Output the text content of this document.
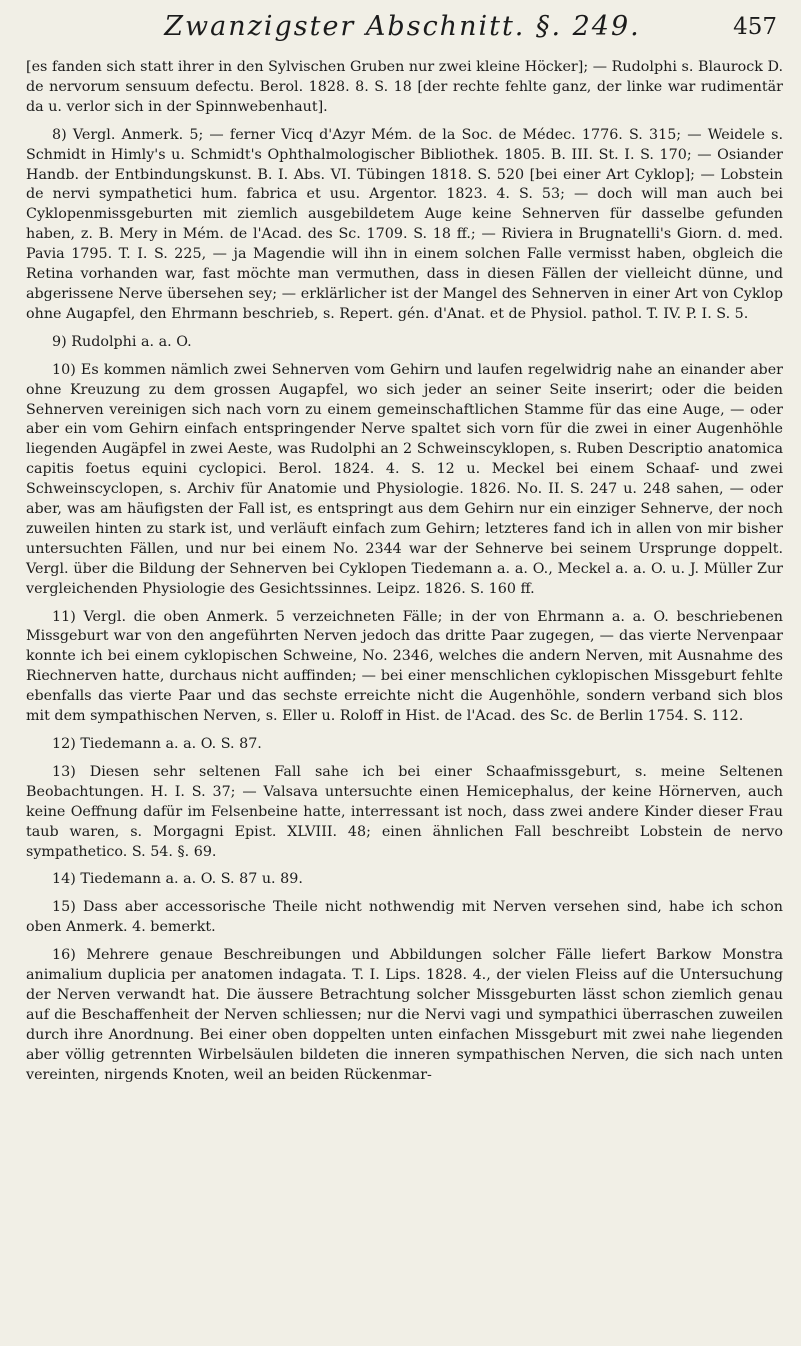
Zwanzigster Abschnitt. §. 249.	457

[es fanden sich statt ihrer in den Sylvischen Gruben nur zwei kleine Höcker]; — Rudolphi s. Blaurock D. de nervorum sensuum defectu. Berol. 1828. 8. S. 18 [der rechte fehlte ganz, der linke war rudimentär da u. verlor sich in der Spinnwebenhaut].

8) Vergl. Anmerk. 5; — ferner Vicq d'Azyr Mém. de la Soc. de Médec. 1776. S. 315; — Weidele s. Schmidt in Himly's u. Schmidt's Ophthalmologischer Bibliothek. 1805. B. III. St. I. S. 170; — Osiander Handb. der Entbindungskunst. B. I. Abs. VI. Tübingen 1818. S. 520 [bei einer Art Cyklop]; — Lobstein de nervi sympathetici hum. fabrica et usu. Argentor. 1823. 4. S. 53; — doch will man auch bei Cyklopenmissgeburten mit ziemlich ausgebildetem Auge keine Sehnerven für dasselbe gefunden haben, z. B. Mery in Mém. de l'Acad. des Sc. 1709. S. 18 ff.; — Riviera in Brugnatelli's Giorn. d. med. Pavia 1795. T. I. S. 225, — ja Magendie will ihn in einem solchen Falle vermisst haben, obgleich die Retina vorhanden war, fast möchte man vermuthen, dass in diesen Fällen der vielleicht dünne, und abgerissene Nerve übersehen sey; — erklärlicher ist der Mangel des Sehnerven in einer Art von Cyklop ohne Augapfel, den Ehrmann beschrieb, s. Repert. gén. d'Anat. et de Physiol. pathol. T. IV. P. I. S. 5.

9) Rudolphi a. a. O.

10) Es kommen nämlich zwei Sehnerven vom Gehirn und laufen regelwidrig nahe an einander aber ohne Kreuzung zu dem grossen Augapfel, wo sich jeder an seiner Seite inserirt; oder die beiden Sehnerven vereinigen sich nach vorn zu einem gemeinschaftlichen Stamme für das eine Auge, — oder aber ein vom Gehirn einfach entspringender Nerve spaltet sich vorn für die zwei in einer Augenhöhle liegenden Augäpfel in zwei Aeste, was Rudolphi an 2 Schweinscyklopen, s. Ruben Descriptio anatomica capitis foetus equini cyclopici. Berol. 1824. 4. S. 12 u. Meckel bei einem Schaaf- und zwei Schweinscyclopen, s. Archiv für Anatomie und Physiologie. 1826. No. II. S. 247 u. 248 sahen, — oder aber, was am häufigsten der Fall ist, es entspringt aus dem Gehirn nur ein einziger Sehnerve, der noch zuweilen hinten zu stark ist, und verläuft einfach zum Gehirn; letzteres fand ich in allen von mir bisher untersuchten Fällen, und nur bei einem No. 2344 war der Sehnerve bei seinem Ursprunge doppelt. Vergl. über die Bildung der Sehnerven bei Cyklopen Tiedemann a. a. O., Meckel a. a. O. u. J. Müller Zur vergleichenden Physiologie des Gesichtssinnes. Leipz. 1826. S. 160 ff.

11) Vergl. die oben Anmerk. 5 verzeichneten Fälle; in der von Ehrmann a. a. O. beschriebenen Missgeburt war von den angeführten Nerven jedoch das dritte Paar zugegen, — das vierte Nervenpaar konnte ich bei einem cyklopischen Schweine, No. 2346, welches die andern Nerven, mit Ausnahme des Riechnerven hatte, durchaus nicht auffinden; — bei einer menschlichen cyklopischen Missgeburt fehlte ebenfalls das vierte Paar und das sechste erreichte nicht die Augenhöhle, sondern verband sich blos mit dem sympathischen Nerven, s. Eller u. Roloff in Hist. de l'Acad. des Sc. de Berlin 1754. S. 112.

12) Tiedemann a. a. O. S. 87.

13) Diesen sehr seltenen Fall sahe ich bei einer Schaafmissgeburt, s. meine Seltenen Beobachtungen. H. I. S. 37; — Valsava untersuchte einen Hemicephalus, der keine Hörnerven, auch keine Oeffnung dafür im Felsenbeine hatte, interressant ist noch, dass zwei andere Kinder dieser Frau taub waren, s. Morgagni Epist. XLVIII. 48; einen ähnlichen Fall beschreibt Lobstein de nervo sympathetico. S. 54. §. 69.

14) Tiedemann a. a. O. S. 87 u. 89.

15) Dass aber accessorische Theile nicht nothwendig mit Nerven versehen sind, habe ich schon oben Anmerk. 4. bemerkt.

16) Mehrere genaue Beschreibungen und Abbildungen solcher Fälle liefert Barkow Monstra animalium duplicia per anatomen indagata. T. I. Lips. 1828. 4., der vielen Fleiss auf die Untersuchung der Nerven verwandt hat. Die äussere Betrachtung solcher Missgeburten lässt schon ziemlich genau auf die Beschaffenheit der Nerven schliessen; nur die Nervi vagi und sympathici überraschen zuweilen durch ihre Anordnung. Bei einer oben doppelten unten einfachen Missgeburt mit zwei nahe liegenden aber völlig getrennten Wirbelsäulen bildeten die inneren sympathischen Nerven, die sich nach unten vereinten, nirgends Knoten, weil an beiden Rückenmar-
